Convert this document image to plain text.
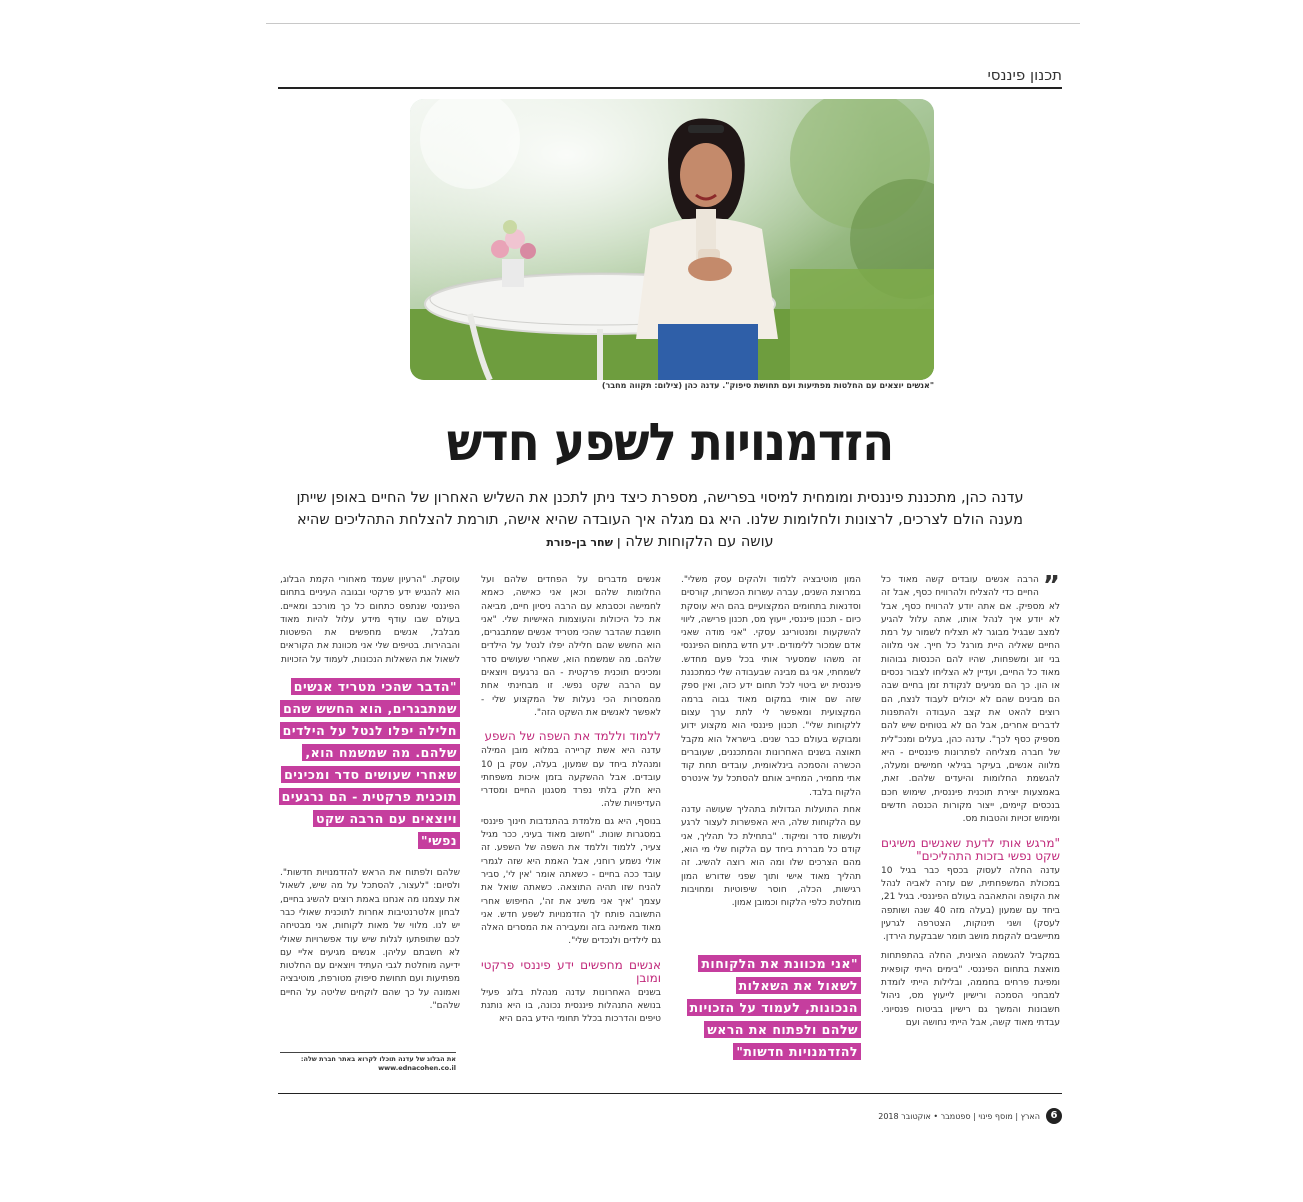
תכנון פיננסי
"אנשים יוצאים עם החלטות מפתיעות ועם תחושת סיפוק". עדנה כהן (צילום: תקווה מחבר)
הזדמנויות לשפע חדש
עדנה כהן, מתכננת פיננסית ומומחית למיסוי בפרישה, מספרת כיצד ניתן לתכנן את השליש האחרון של החיים באופן שייתן מענה הולם לצרכים, לרצונות ולחלומות שלנו. היא גם מגלה איך העובדה שהיא אישה, תורמת להצלחת התהליכים שהיא עושה עם הלקוחות שלה | שחר בן-פורת
”

הרבה אנשים עובדים קשה מאוד כל החיים כדי להצליח ולהרוויח כסף, אבל זה לא מספיק. אם אתה יודע להרוויח כסף, אבל לא יודע איך לנהל אותו, אתה עלול להגיע למצב שבגיל מבוגר לא תצליח לשמור על רמת החיים שאליה היית מורגל כל חייך. אני מלווה בני זוג ומשפחות, שהיו להם הכנסות גבוהות מאוד כל החיים, ועדיין לא הצליחו לצבור נכסים או הון. כך הם מגיעים לנקודת זמן בחיים שבה הם מבינים שהם לא יכולים לעבוד לנצח, הם רוצים להאט את קצב העבודה ולהתפנות לדברים אחרים, אבל הם לא בטוחים שיש להם מספיק כסף לכך". עדנה כהן, בעלים ומנכ"לית של חברה מצליחה לפתרונות פיננסיים - היא מלווה אנשים, בעיקר בגילאי חמישים ומעלה, להגשמת החלומות והיעדים שלהם. זאת, באמצעות יצירת תוכנית פיננסית, שימוש חכם בנכסים קיימים, ייצור מקורות הכנסה חדשים ומימוש זכויות והטבות מס.

"מרגש אותי לדעת שאנשים משיגים שקט נפשי בזכות התהליכים"

עדנה החלה לעסוק בכסף כבר בגיל 10 במכולת המשפחתית, שם עזרה לאביה לנהל את הקופה והתאהבה בעולם הפיננסי. בגיל 21, ביחד עם שמעון (בעלה מזה 40 שנה ושותפה לעסק) ושני תינוקות, הצטרפה לגרעין מתיישבים להקמת מושב תומר שבבקעת הירדן.

במקביל להגשמה הציונית, החלה בהתפתחות מואצת בתחום הפיננסי. "בימים הייתי קופאית ומפיגת פרחים בחממה, ובלילות הייתי לומדת למבחני הסמכה ורישיון לייעוץ מס, ניהול חשבונות והמשך גם רישיון בביטוח פנסיוני. עבדתי מאוד קשה, אבל הייתי נחושה ועם

המון מוטיבציה ללמוד ולהקים עסק משלי". במרוצת השנים, עברה עשרות הכשרות, קורסים וסדנאות בתחומים המקצועיים בהם היא עוסקת כיום - תכנון פיננסי, ייעוץ מס, תכנון פרישה, ליווי להשקעות ומנטורינג עסקי. "אני מודה שאני אדם שמכור ללימודים. ידע חדש בתחום הפיננסי זה משהו שמסעיר אותי בכל פעם מחדש. לשמחתי, אני גם מבינה שבעבודה שלי כמתכננת פיננסית יש ביטוי לכל תחום ידע כזה, ואין ספק שזה שם אותי במקום מאוד גבוה ברמה המקצועית ומאפשר לי לתת ערך עצום ללקוחות שלי". תכנון פיננסי הוא מקצוע ידוע ומבוקש בעולם כבר שנים. בישראל הוא מקבל תאוצה בשנים האחרונות והמתכננים, שעוברים הכשרה והסמכה בינלאומית, עובדים תחת קוד אתי מחמיר, המחייב אותם להסתכל על אינטרס הלקוח בלבד.

אחת התועלות הגדולות בתהליך שעושה עדנה עם הלקוחות שלה, היא האפשרות לעצור לרגע ולעשות סדר ומיקוד. "בתחילת כל תהליך, אני קודם כל מבררת ביחד עם הלקוח שלי מי הוא, מהם הצרכים שלו ומה הוא רוצה להשיג. זה תהליך מאוד אישי ותוך שפני שדורש המון רגישות, הכלה, חוסר שיפוטיות ומחויבות מוחלטת כלפי הלקוח וכמובן אמון.

"אני מכוונת את הלקוחות לשאול את השאלות הנכונות, לעמוד על הזכויות שלהם ולפתוח את הראש להזדמנויות חדשות"

אנשים מדברים על הפחדים שלהם ועל החלומות שלהם וכאן אני כאישה, כאמא לחמישה וכסבתא עם הרבה ניסיון חיים, מביאה את כל היכולות והעוצמות האישיות שלי. "אני חושבת שהדבר שהכי מטריד אנשים שמתבגרים, הוא החשש שהם חלילה יפלו לנטל על הילדים שלהם. מה שמשמח הוא, שאחרי שעושים סדר ומכינים תוכנית פרקטית - הם נרגעים ויוצאים עם הרבה שקט נפשי. זו מבחינתי אחת מהמסרות הכי נעלות של המקצוע שלי - לאפשר לאנשים את השקט הזה".

ללמוד וללמד את השפה של השפע

עדנה היא אשת קריירה במלוא מובן המילה ומנהלת ביחד עם שמעון, בעלה, עסק בן 10 עובדים. אבל ההשקעה בזמן איכות משפחתי היא חלק בלתי נפרד מסגנון החיים ומסדרי העדיפויות שלה.

בנוסף, היא גם מלמדת בהתנדבות חינוך פיננסי במסגרות שונות. "חשוב מאוד בעיני, ככר מגיל צעיר, ללמוד וללמד את השפה של השפע. זה אולי נשמע רוחני, אבל האמת היא שזה לגמרי עובד ככה בחיים - כשאתה אומר 'אין לי', סביר להניח שזו תהיה התוצאה. כשאתה שואל את עצמך 'איך אני משיג את זה', החיפוש אחרי התשובה פותח לך הזדמנויות לשפע חדש. אני מאוד מאמינה בזה ומעבירה את המסרים האלה גם לילדים ולנכדים שלי".

אנשים מחפשים ידע פיננסי פרקטי ומובן

בשנים האחרונות עדנה מנהלת בלוג פעיל בנושא התנהלות פיננסית נכונה, בו היא נותנת טיפים והדרכות בכלל תחומי הידע בהם היא

עוסקת. "הרעיון שעמד מאחורי הקמת הבלוג, הוא להנגיש ידע פרקטי ובגובה העיניים בתחום הפיננסי שנתפס כתחום כל כך מורכב ומאיים. בעולם שבו עודף מידע עלול להיות מאוד מבלבל, אנשים מחפשים את הפשטות והבהירות. בטיפים שלי אני מכוונת את הקוראים לשאול את השאלות הנכונות, לעמוד על הזכויות

שלהם ולפתוח את הראש להזדמנויות חדשות". ולסיום: "לעצור, להסתכל על מה שיש, לשאול את עצמנו מה אנחנו באמת רוצים להשיג בחיים, לבחון אלטרנטיבות אחרות לתוכנית שאולי כבר יש לנו. מלווי של מאות לקוחות, אני מבטיחה לכם שתופתעו לגלות שיש עוד אפשרויות שאולי לא חשבתם עליהן. אנשים מגיעים אליי עם ידיעה מוחלטת לגבי העתיד ויוצאים עם החלטות מפתיעות ועם תחושת סיפוק מטורפת, מוטיבציה ואמונה על כך שהם לוקחים שליטה על החיים שלהם".

"הדבר שהכי מטריד אנשים שמתבגרים, הוא החשש שהם חלילה יפלו לנטל על הילדים שלהם. מה שמשמח הוא, שאחרי שעושים סדר ומכינים תוכנית פרקטית - הם נרגעים ויוצאים עם הרבה שקט נפשי"
את הבלוג של עדנה תוכלו לקרוא באתר חברת שלה:
www.ednacohen.co.il
6
הארץ | מוסף פינוי | ספטמבר • אוקטובר 2018
